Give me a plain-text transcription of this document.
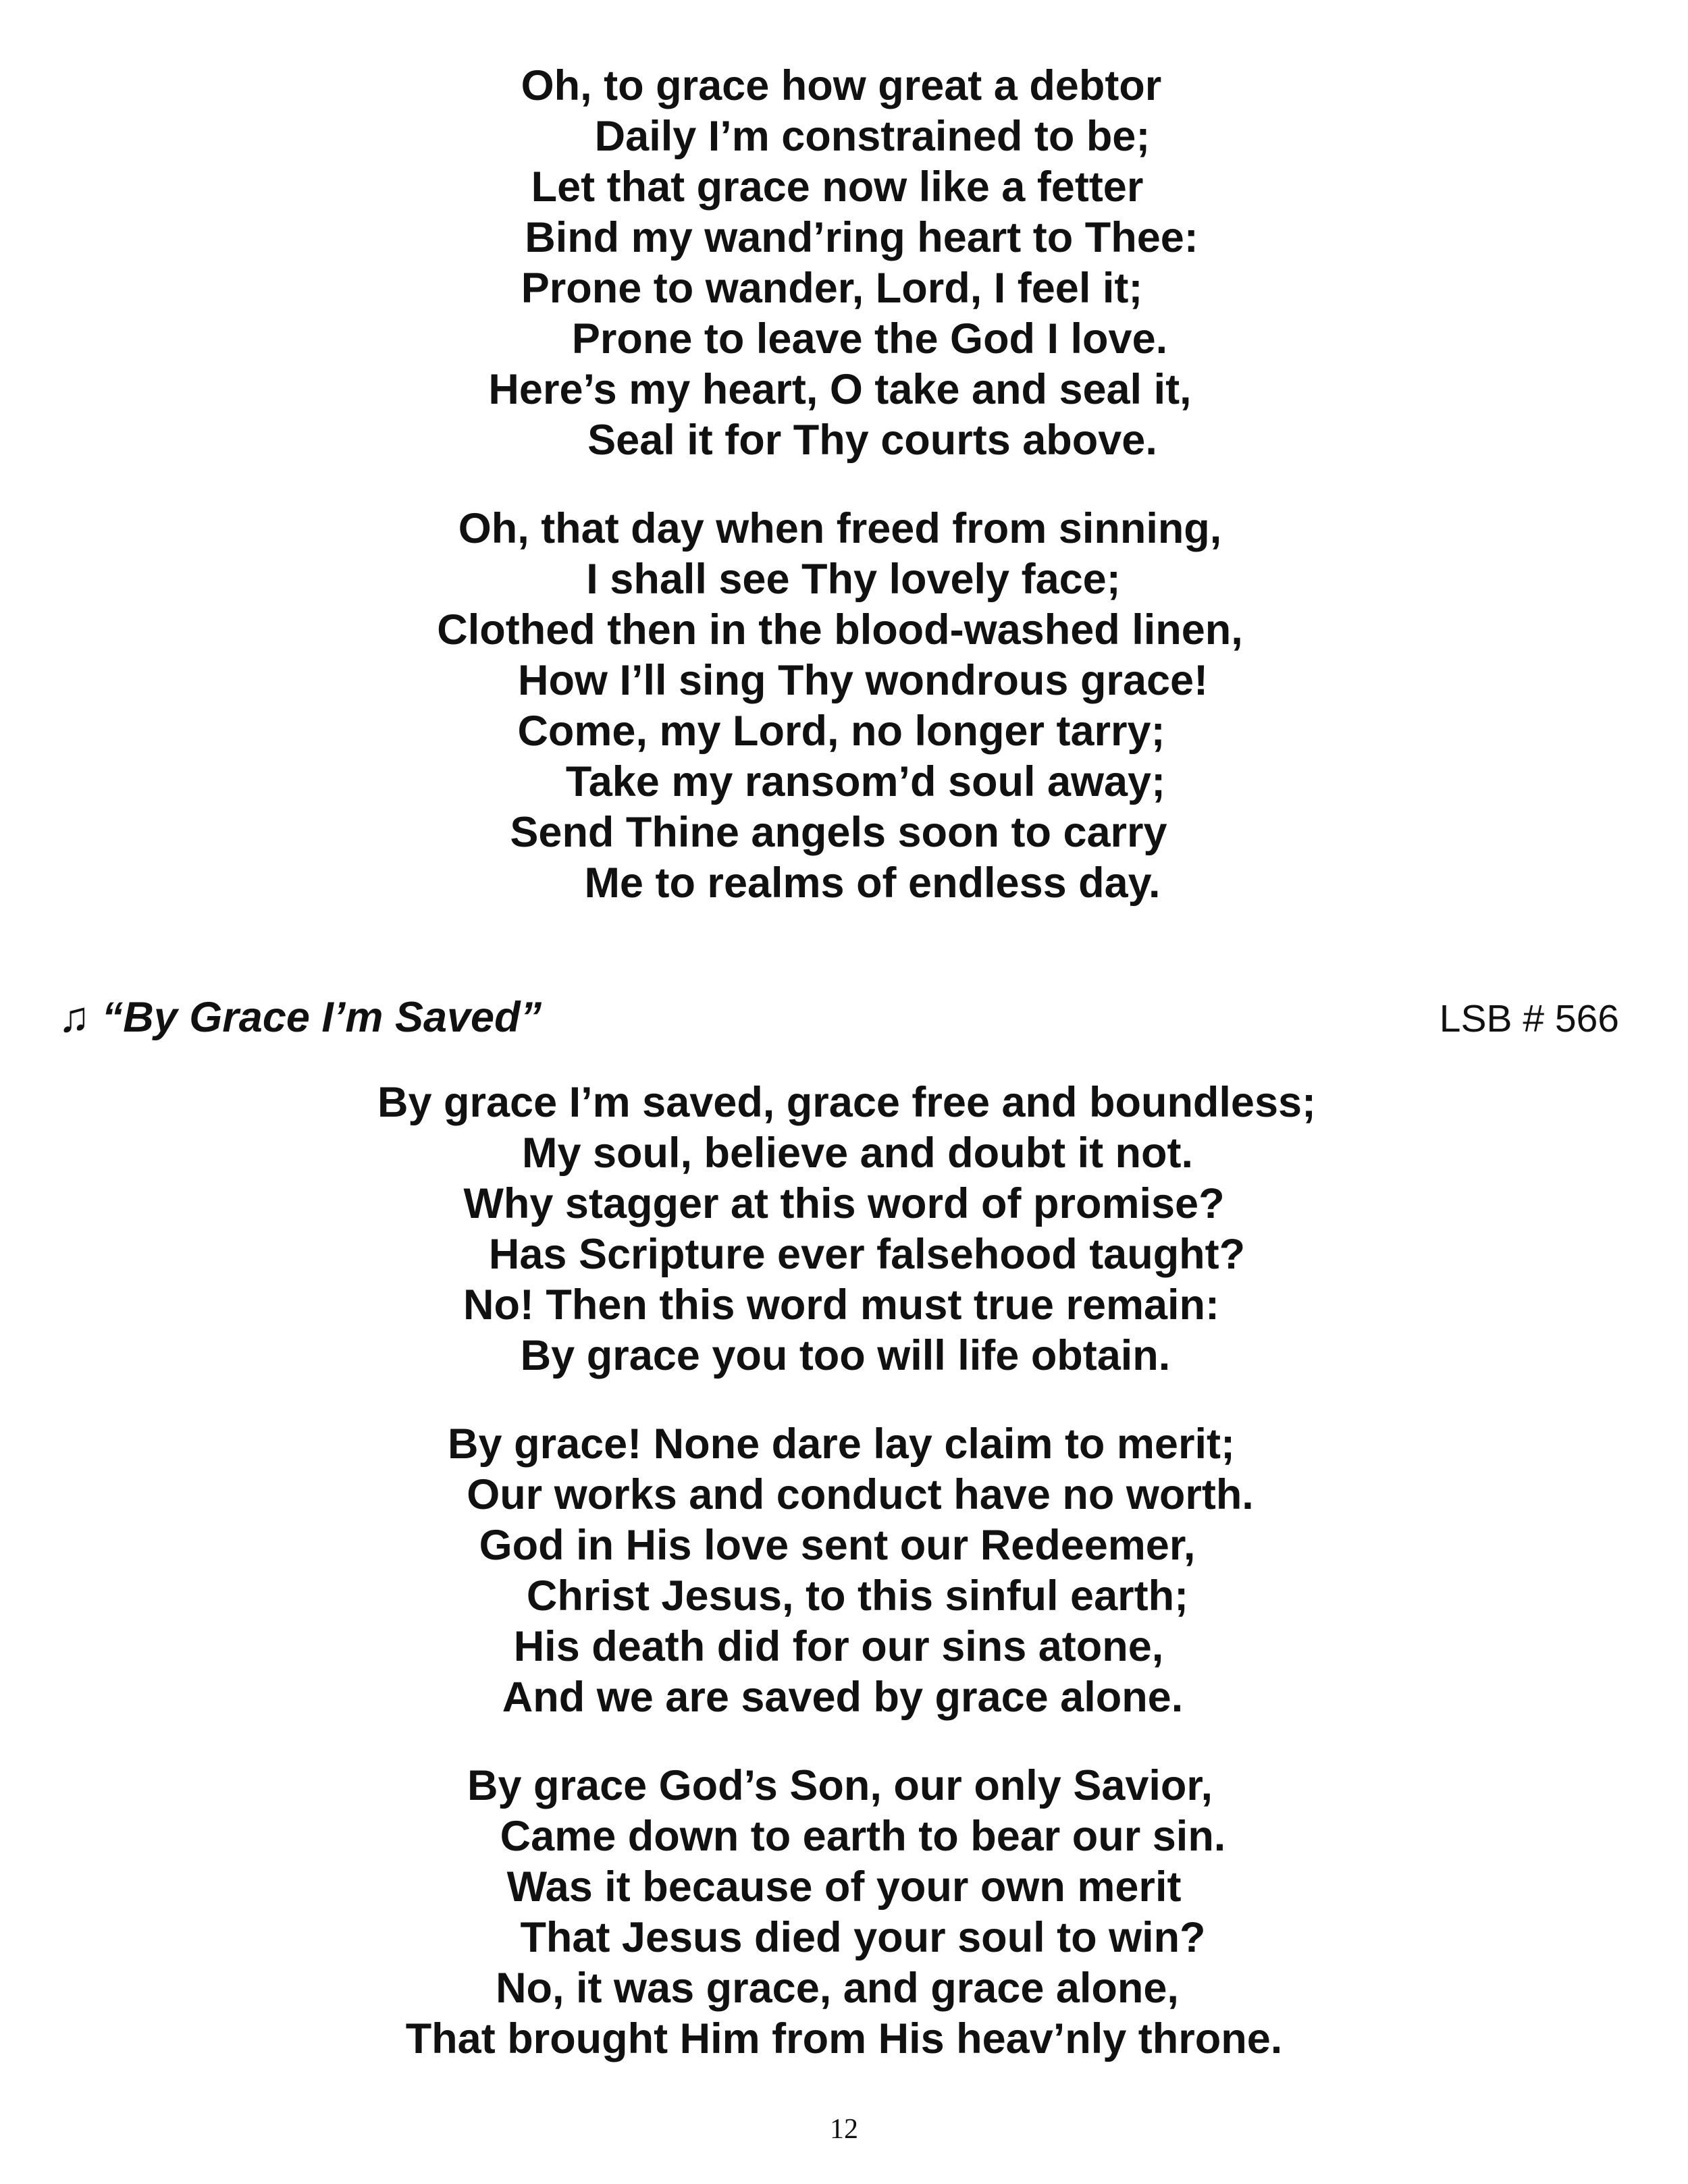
Oh, to grace how great a debtor
Daily I’m constrained to be;
Let that grace now like a fetter
Bind my wand’ring heart to Thee:
Prone to wander, Lord, I feel it;
Prone to leave the God I love.
Here’s my heart, O take and seal it,
Seal it for Thy courts above.
Oh, that day when freed from sinning,
I shall see Thy lovely face;
Clothed then in the blood-washed linen,
How I’ll sing Thy wondrous grace!
Come, my Lord, no longer tarry;
Take my ransom’d soul away;
Send Thine angels soon to carry
Me to realms of endless day.
♫ “By Grace I’m Saved”	LSB # 566
By grace I’m saved, grace free and boundless;
My soul, believe and doubt it not.
Why stagger at this word of promise?
Has Scripture ever falsehood taught?
No! Then this word must true remain:
By grace you too will life obtain.
By grace! None dare lay claim to merit;
Our works and conduct have no worth.
God in His love sent our Redeemer,
Christ Jesus, to this sinful earth;
His death did for our sins atone,
And we are saved by grace alone.
By grace God’s Son, our only Savior,
Came down to earth to bear our sin.
Was it because of your own merit
That Jesus died your soul to win?
No, it was grace, and grace alone,
That brought Him from His heav’nly throne.
12
